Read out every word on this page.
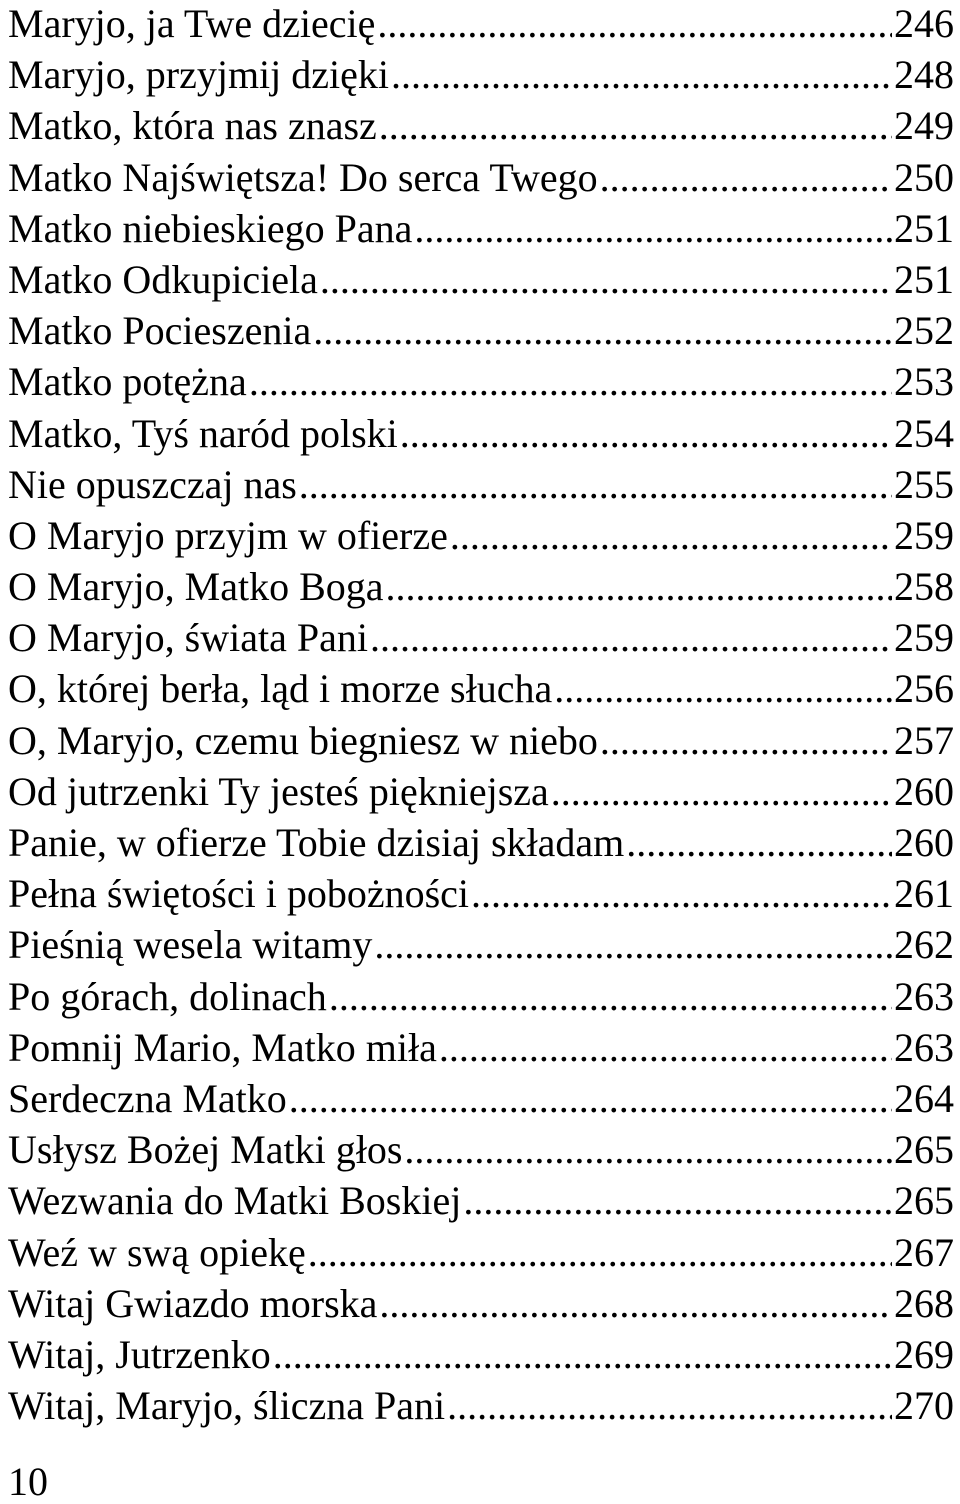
Maryjo, ja Twe dziecię .....	246
Maryjo, przyjmij dzięki .....	248
Matko, która nas znasz .....	249
Matko Najświętsza! Do serca Twego .....	250
Matko niebieskiego Pana .....	251
Matko Odkupiciela .....	251
Matko Pocieszenia .....	252
Matko potężna .....	253
Matko, Tyś naród polski .....	254
Nie opuszczaj nas .....	255
O Maryjo przyjm w ofierze .....	259
O Maryjo, Matko Boga .....	258
O Maryjo, świata Pani .....	259
O, której berła, ląd i morze słucha .....	256
O, Maryjo, czemu biegniesz w niebo .....	257
Od jutrzenki Ty jesteś piękniejsza .....	260
Panie, w ofierze Tobie dzisiaj składam .....	260
Pełna świętości i pobożności .....	261
Pieśnią wesela witamy .....	262
Po górach, dolinach .....	263
Pomnij Mario, Matko miła .....	263
Serdeczna Matko .....	264
Usłysz Bożej Matki głos .....	265
Wezwania do Matki Boskiej .....	265
Weź w swą opiekę .....	267
Witaj Gwiazdo morska .....	268
Witaj, Jutrzenko .....	269
Witaj, Maryjo, śliczna Pani .....	270
10
